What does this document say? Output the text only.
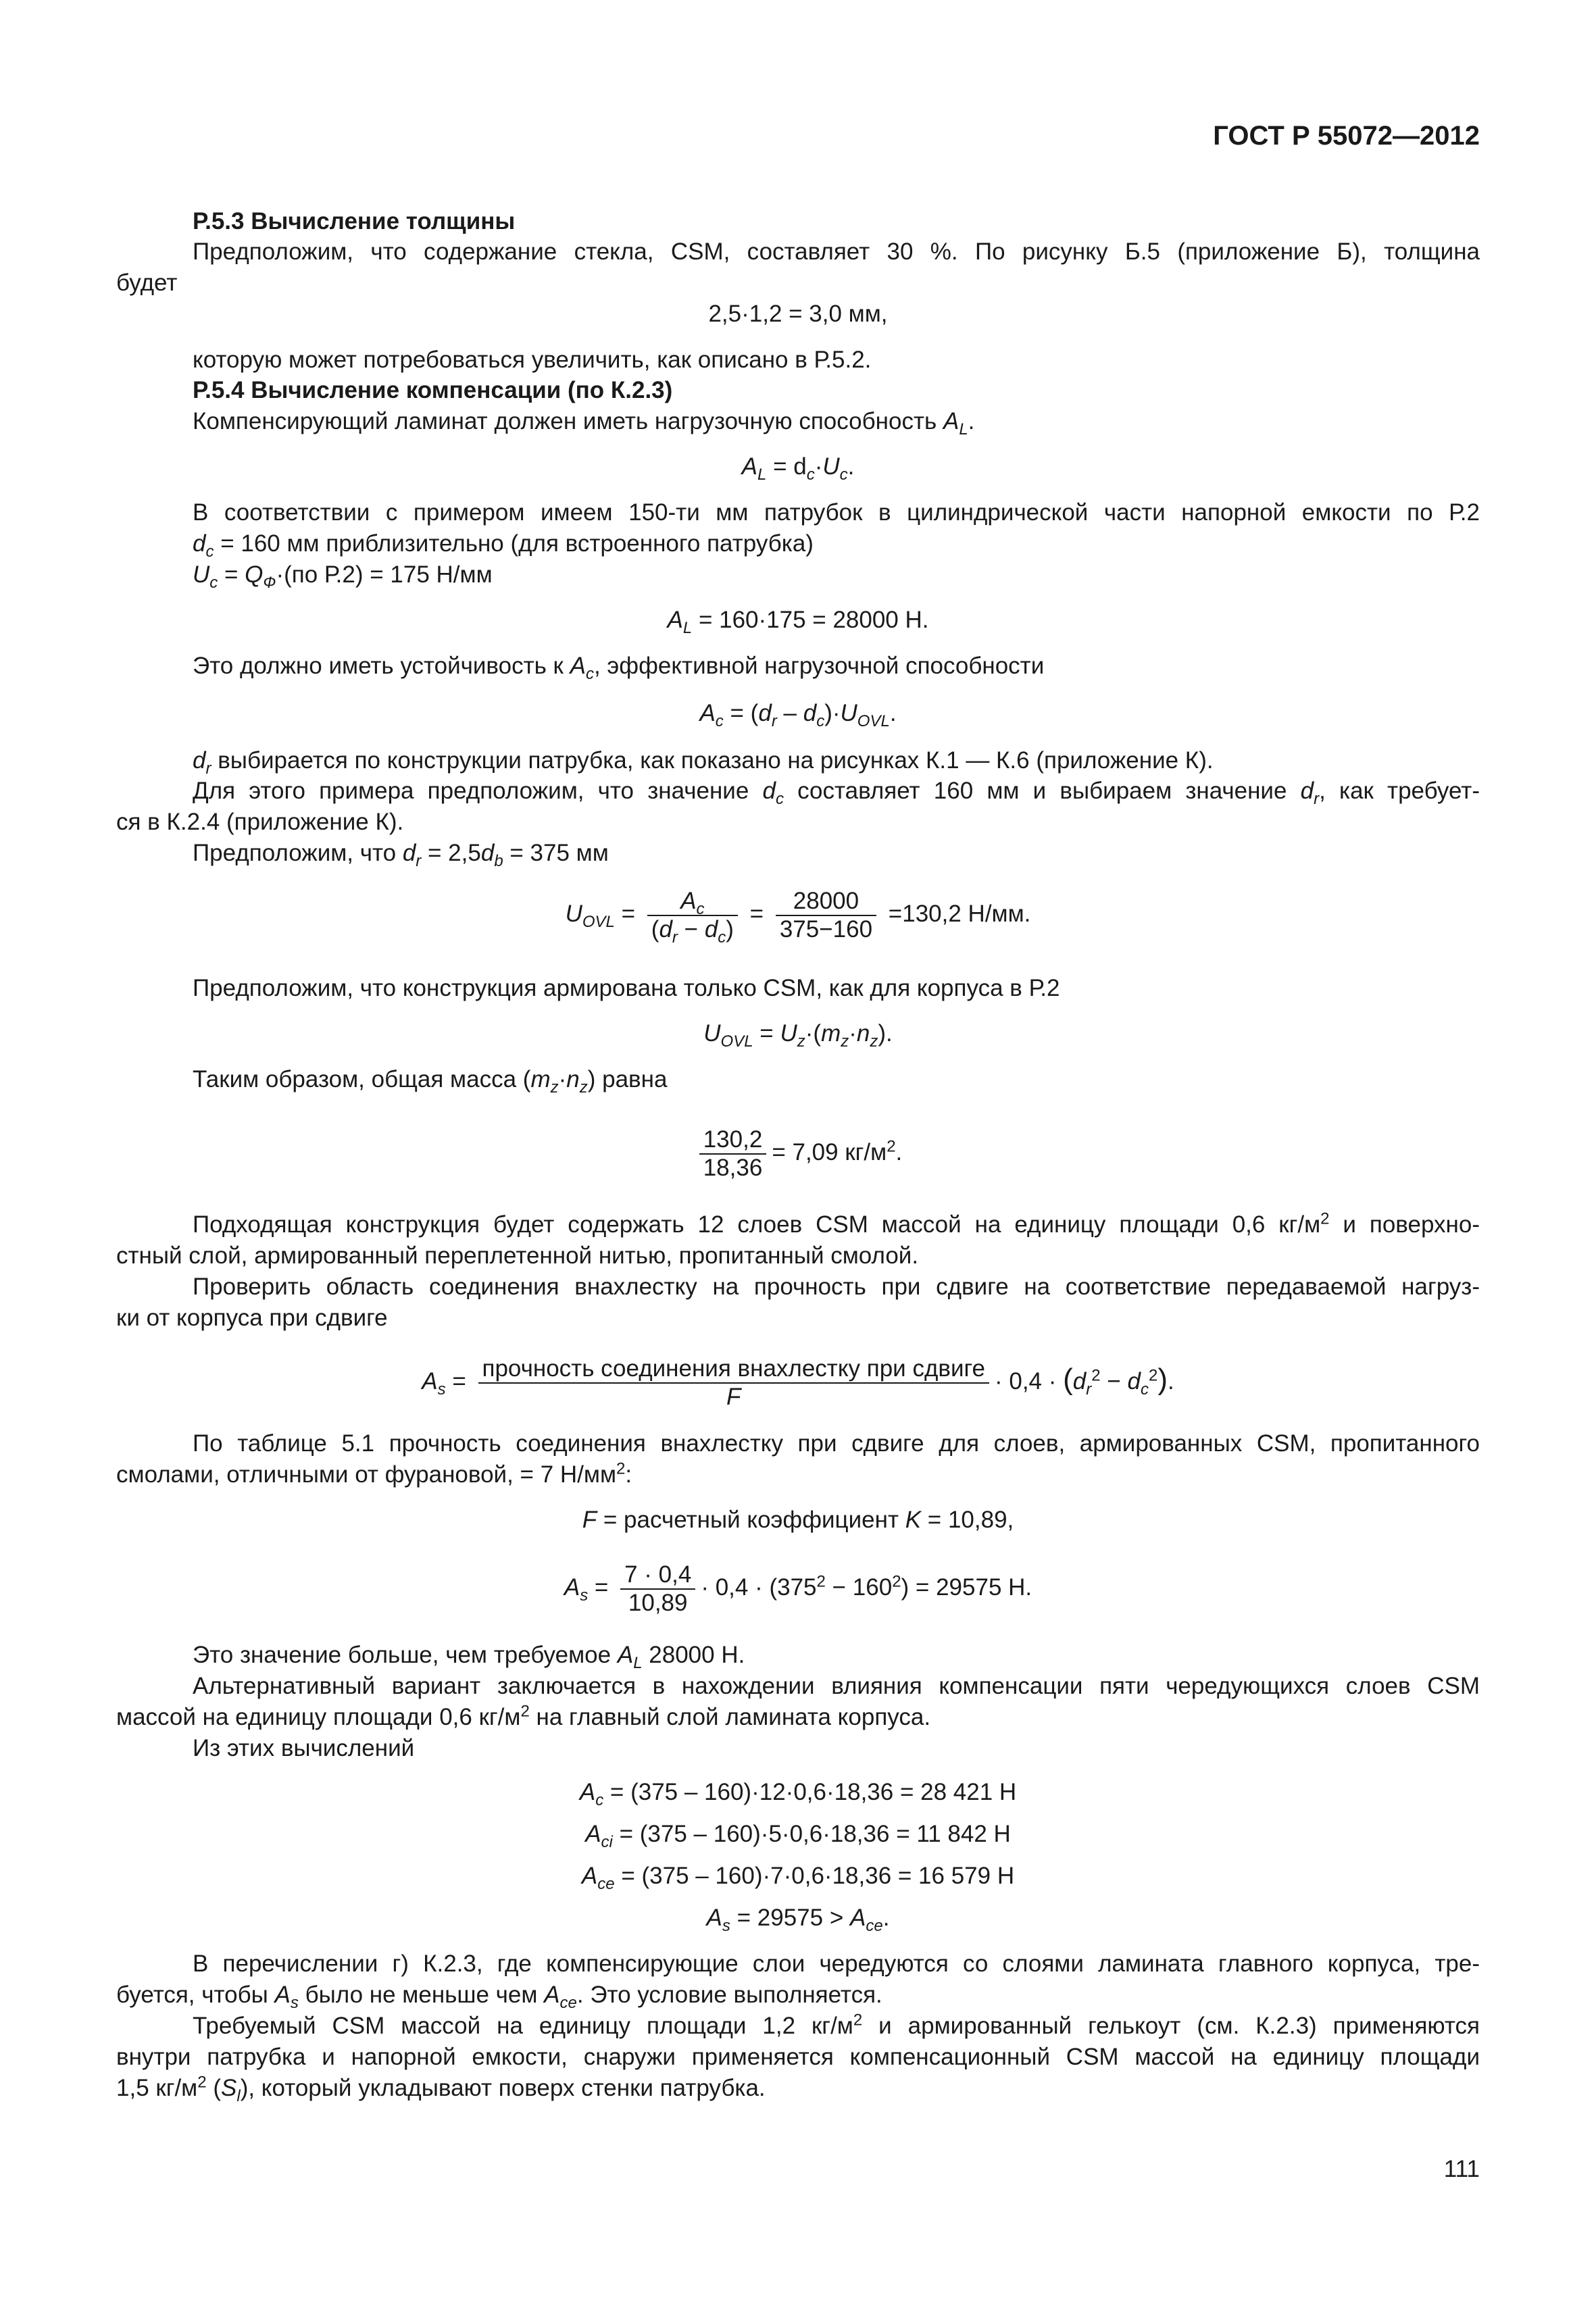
ГОСТ Р 55072—2012
Р.5.3 Вычисление толщины
Предположим, что содержание стекла, CSM, составляет 30 %. По рисунку Б.5 (приложение Б), толщина
будет
2,5·1,2 = 3,0 мм,
которую может потребоваться увеличить, как описано в Р.5.2.
Р.5.4 Вычисление компенсации (по К.2.3)
Компенсирующий ламинат должен иметь нагрузочную способность $A_L$.
$A_L = d_c\cdot U_c$.
В соответствии с примером имеем 150-ти мм патрубок в цилиндрической части напорной емкости по Р.2
$d_c = 160$ мм приблизительно (для встроенного патрубка)
$U_c = Q_Ф\cdot(по$ Р.2) = 175 Н/мм
$A_L = 160\cdot 175 = 28000$ Н.
Это должно иметь устойчивость к $A_c$, эффективной нагрузочной способности
$A_c = (d_r - d_c)\cdot U_{OVL}$.
$d_r$ выбирается по конструкции патрубка, как показано на рисунках К.1 — К.6 (приложение К).
Для этого примера предположим, что значение $d_c$ составляет 160 мм и выбираем значение $d_r$, как требует-
ся в К.2.4 (приложение К).
Предположим, что $d_r = 2,5d_b = 375$ мм
$U_{OVL} = \frac{A_c}{(d_r - d_c)} = \frac{28000}{375-160} =130,2$ Н/мм.
Предположим, что конструкция армирована только CSM, как для корпуса в Р.2
$U_{OVL} = U_z\cdot(m_z\cdot n_z)$.
Таким образом, общая масса $(m_z\cdot n_z)$ равна
$\frac{130,2}{18,36} = 7,09$ $кг/м^2$.
Подходящая конструкция будет содержать 12 слоев CSM массой на единицу площади 0,6 $кг/м^2$ и поверхно-
стный слой, армированный переплетенной нитью, пропитанный смолой.
Проверить область соединения внахлестку на прочность при сдвиге на соответствие передаваемой нагруз-
ки от корпуса при сдвиге
$A_s = \frac{\text{прочность соединения внахлестку при сдвиге}}{F} \cdot 0,4 \cdot (d_r^2 - d_c^2)$.
По таблице 5.1 прочность соединения внахлестку при сдвиге для слоев, армированных CSM, пропитанного
смолами, отличными от фурановой, = 7 $Н/мм^2$:
F = расчетный коэффициент K = 10,89,
$A_s = \frac{7 \cdot 0,4}{10,89} \cdot 0,4 \cdot (375^2 - 160^2) = 29575$ Н.
Это значение больше, чем требуемое $A_L$ 28000 Н.
Альтернативный вариант заключается в нахождении влияния компенсации пяти чередующихся слоев CSM
массой на единицу площади 0,6 $кг/м^2$ на главный слой ламината корпуса.
Из этих вычислений
$A_c = (375 - 160)\cdot 12\cdot 0,6\cdot 18,36 = 28$ 421 Н
$A_{ci} = (375 - 160)\cdot 5\cdot 0,6\cdot 18,36 = 11$ 842 Н
$A_{ce} = (375 - 160)\cdot 7\cdot 0,6\cdot 18,36 = 16$ 579 Н
$A_s = 29575 > A_{ce}$.
В перечислении г) К.2.3, где компенсирующие слои чередуются со слоями ламината главного корпуса, тре-
буется, чтобы $A_s$ было не меньше чем $A_{ce}$. Это условие выполняется.
Требуемый CSM массой на единицу площади 1,2 $кг/м^2$ и армированный гелькоут (см. К.2.3) применяются
внутри патрубка и напорной емкости, снаружи применяется компенсационный CSM массой на единицу площади
1,5 $кг/м^2$ $(S_l)$, который укладывают поверх стенки патрубка.
111
